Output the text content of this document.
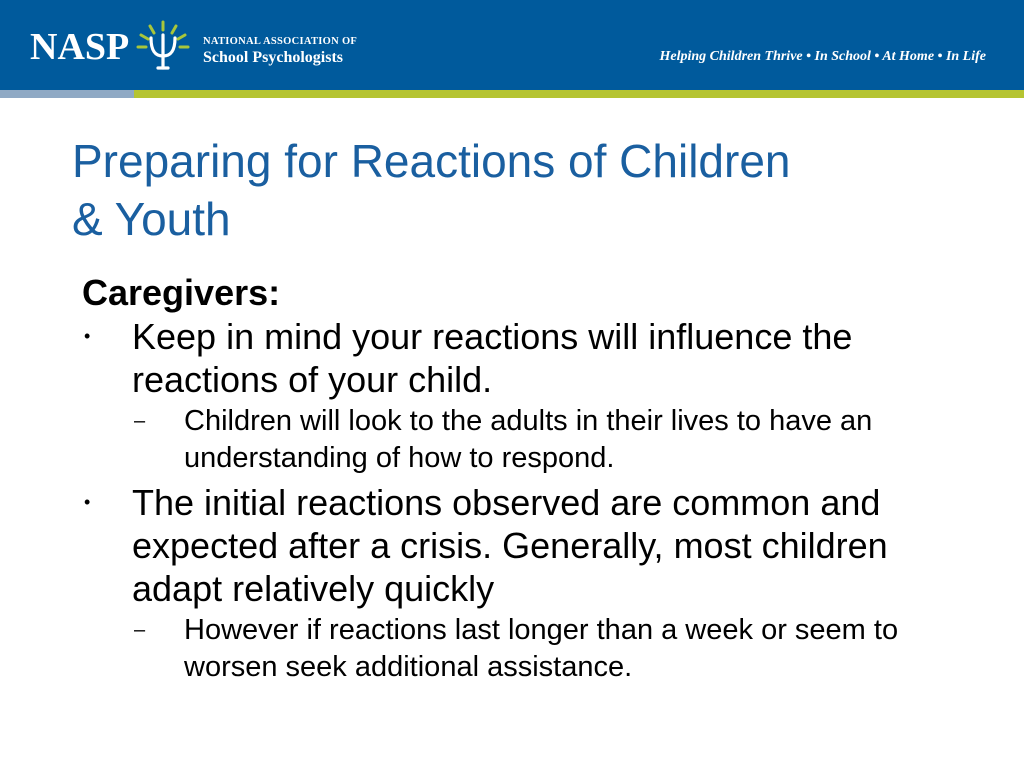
NASP	NATIONAL ASSOCIATION OF
School Psychologists	Helping Children Thrive • In School • At Home • In Life
Preparing for Reactions of Children
& Youth
Caregivers:
• Keep in mind your reactions will influence the reactions of your child.
– Children will look to the adults in their lives to have an understanding of how to respond.
• The initial reactions observed are common and expected after a crisis. Generally, most children adapt relatively quickly
– However if reactions last longer than a week or seem to worsen seek additional assistance.
